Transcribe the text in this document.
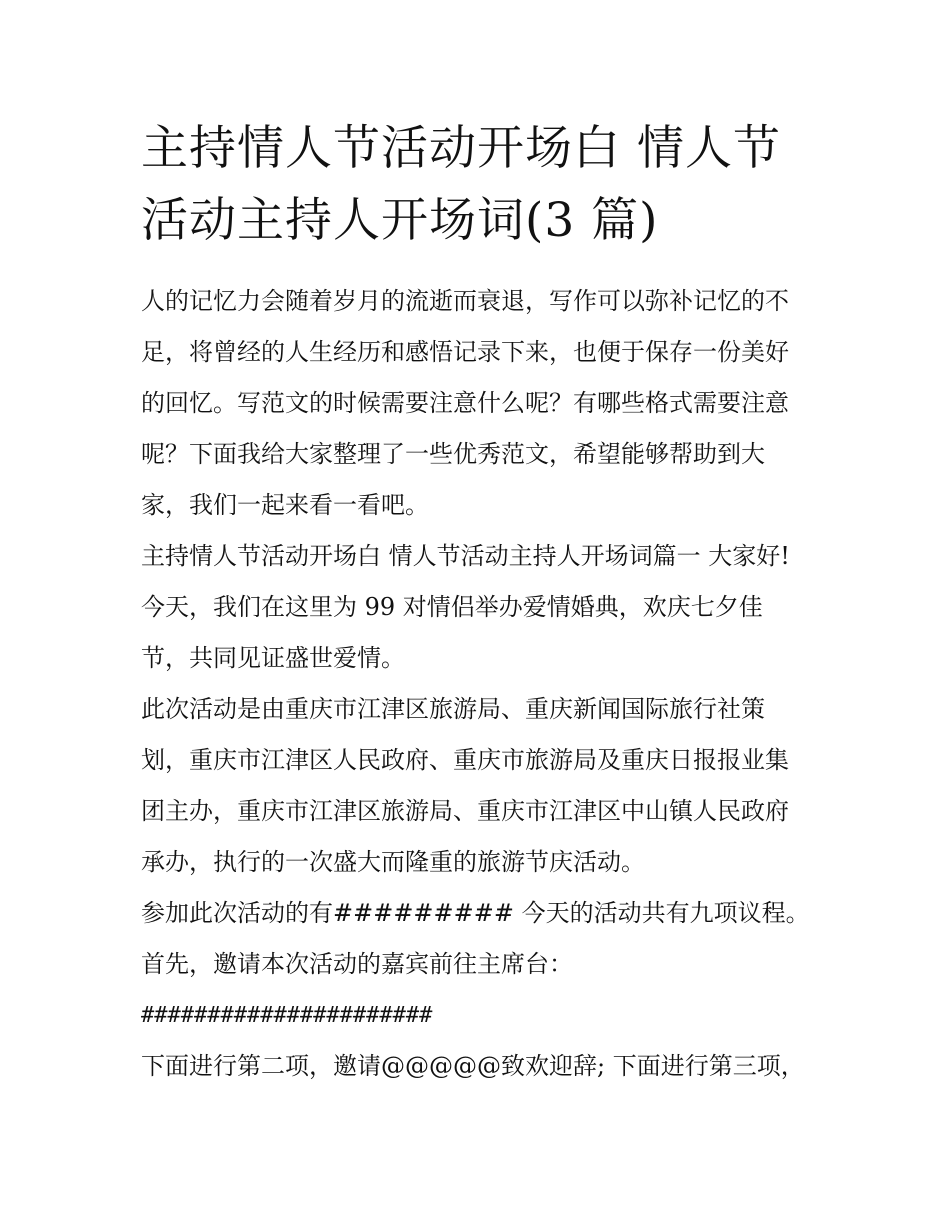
主持情人节活动开场白 情人节
活动主持人开场词(3 篇)

人的记忆力会随着岁月的流逝而衰退，写作可以弥补记忆的不
足，将曾经的人生经历和感悟记录下来，也便于保存一份美好
的回忆。写范文的时候需要注意什么呢？有哪些格式需要注意
呢？下面我给大家整理了一些优秀范文，希望能够帮助到大
家，我们一起来看一看吧。

主持情人节活动开场白 情人节活动主持人开场词篇一 大家好!
今天，我们在这里为 99 对情侣举办爱情婚典，欢庆七夕佳
节，共同见证盛世爱情。

此次活动是由重庆市江津区旅游局、重庆新闻国际旅行社策
划，重庆市江津区人民政府、重庆市旅游局及重庆日报报业集
团主办，重庆市江津区旅游局、重庆市江津区中山镇人民政府
承办，执行的一次盛大而隆重的旅游节庆活动。

参加此次活动的有######### 今天的活动共有九项议程。

首先，邀请本次活动的嘉宾前往主席台：

######################

下面进行第二项，邀请@@@@@致欢迎辞; 下面进行第三项，
